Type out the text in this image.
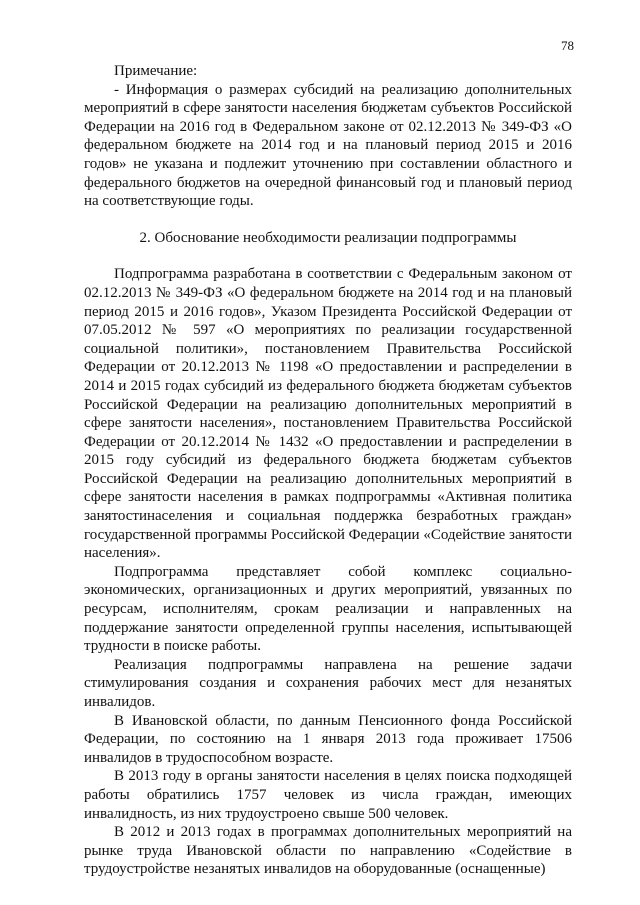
78

Примечание:

- Информация о размерах субсидий на реализацию дополнительных мероприятий в сфере занятости населения бюджетам субъектов Российской Федерации на 2016 год в Федеральном законе от 02.12.2013 № 349-ФЗ «О федеральном бюджете на 2014 год и на плановый период 2015 и 2016 годов» не указана и подлежит уточнению при составлении областного и федерального бюджетов на очередной финансовый год и плановый период на соответствующие годы.

2. Обоснование необходимости реализации подпрограммы

Подпрограмма разработана в соответствии с Федеральным законом от 02.12.2013 № 349-ФЗ «О федеральном бюджете на 2014 год и на плановый период 2015 и 2016 годов», Указом Президента Российской Федерации от 07.05.2012 № 597 «О мероприятиях по реализации государственной социальной политики», постановлением Правительства Российской Федерации от 20.12.2013 № 1198 «О предоставлении и распределении в 2014 и 2015 годах субсидий из федерального бюджета бюджетам субъектов Российской Федерации на реализацию дополнительных мероприятий в сфере занятости населения», постановлением Правительства Российской Федерации от 20.12.2014 № 1432 «О предоставлении и распределении в 2015 году субсидий из федерального бюджета бюджетам субъектов Российской Федерации на реализацию дополнительных мероприятий в сфере занятости населения в рамках подпрограммы «Активная политика занятостинаселения и социальная поддержка безработных граждан» государственной программы Российской Федерации «Содействие занятости населения».

Подпрограмма представляет собой комплекс социально-экономических, организационных и других мероприятий, увязанных по ресурсам, исполнителям, срокам реализации и направленных на поддержание занятости определенной группы населения, испытывающей трудности в поиске работы.

Реализация подпрограммы направлена на решение задачи стимулирования создания и сохранения рабочих мест для незанятых инвалидов.

В Ивановской области, по данным Пенсионного фонда Российской Федерации, по состоянию на 1 января 2013 года проживает 17506 инвалидов в трудоспособном возрасте.

В 2013 году в органы занятости населения в целях поиска подходящей работы обратились 1757 человек из числа граждан, имеющих инвалидность, из них трудоустроено свыше 500 человек.

В 2012 и 2013 годах в программах дополнительных мероприятий на рынке труда Ивановской области по направлению «Содействие в трудоустройстве незанятых инвалидов на оборудованные (оснащенные)
